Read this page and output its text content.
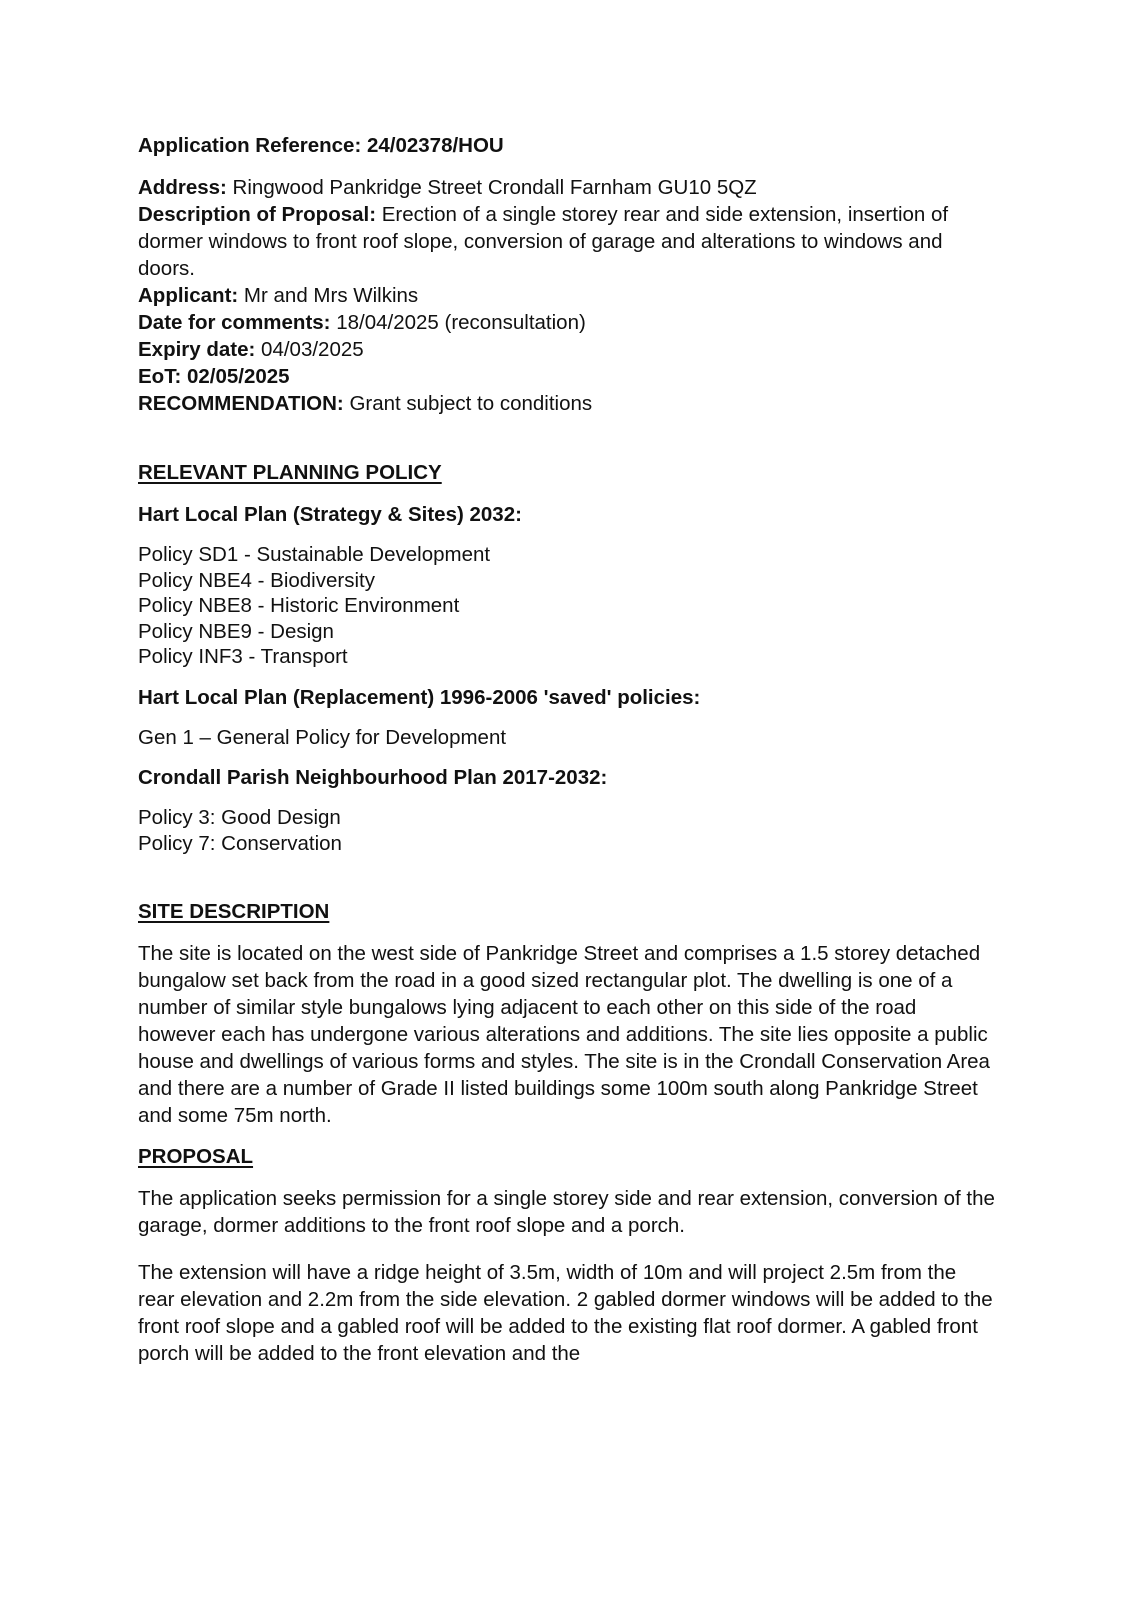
Application Reference: 24/02378/HOU

Address: Ringwood Pankridge Street Crondall Farnham GU10 5QZ

Description of Proposal: Erection of a single storey rear and side extension, insertion of dormer windows to front roof slope, conversion of garage and alterations to windows and doors.

Applicant: Mr and Mrs Wilkins

Date for comments: 18/04/2025 (reconsultation)

Expiry date: 04/03/2025

EoT: 02/05/2025

RECOMMENDATION: Grant subject to conditions

RELEVANT PLANNING POLICY

Hart Local Plan (Strategy & Sites) 2032:

Policy SD1 - Sustainable Development
Policy NBE4 - Biodiversity
Policy NBE8 - Historic Environment
Policy NBE9 - Design
Policy INF3 - Transport

Hart Local Plan (Replacement) 1996-2006 'saved' policies:

Gen 1 – General Policy for Development

Crondall Parish Neighbourhood Plan 2017-2032:

Policy 3: Good Design
Policy 7: Conservation

SITE DESCRIPTION

The site is located on the west side of Pankridge Street and comprises a 1.5 storey detached bungalow set back from the road in a good sized rectangular plot. The dwelling is one of a number of similar style bungalows lying adjacent to each other on this side of the road however each has undergone various alterations and additions. The site lies opposite a public house and dwellings of various forms and styles. The site is in the Crondall Conservation Area and there are a number of Grade II listed buildings some 100m south along Pankridge Street and some 75m north.

PROPOSAL

The application seeks permission for a single storey side and rear extension, conversion of the garage, dormer additions to the front roof slope and a porch.

The extension will have a ridge height of 3.5m, width of 10m and will project 2.5m from the rear elevation and 2.2m from the side elevation. 2 gabled dormer windows will be added to the front roof slope and a gabled roof will be added to the existing flat roof dormer. A gabled front porch will be added to the front elevation and the
